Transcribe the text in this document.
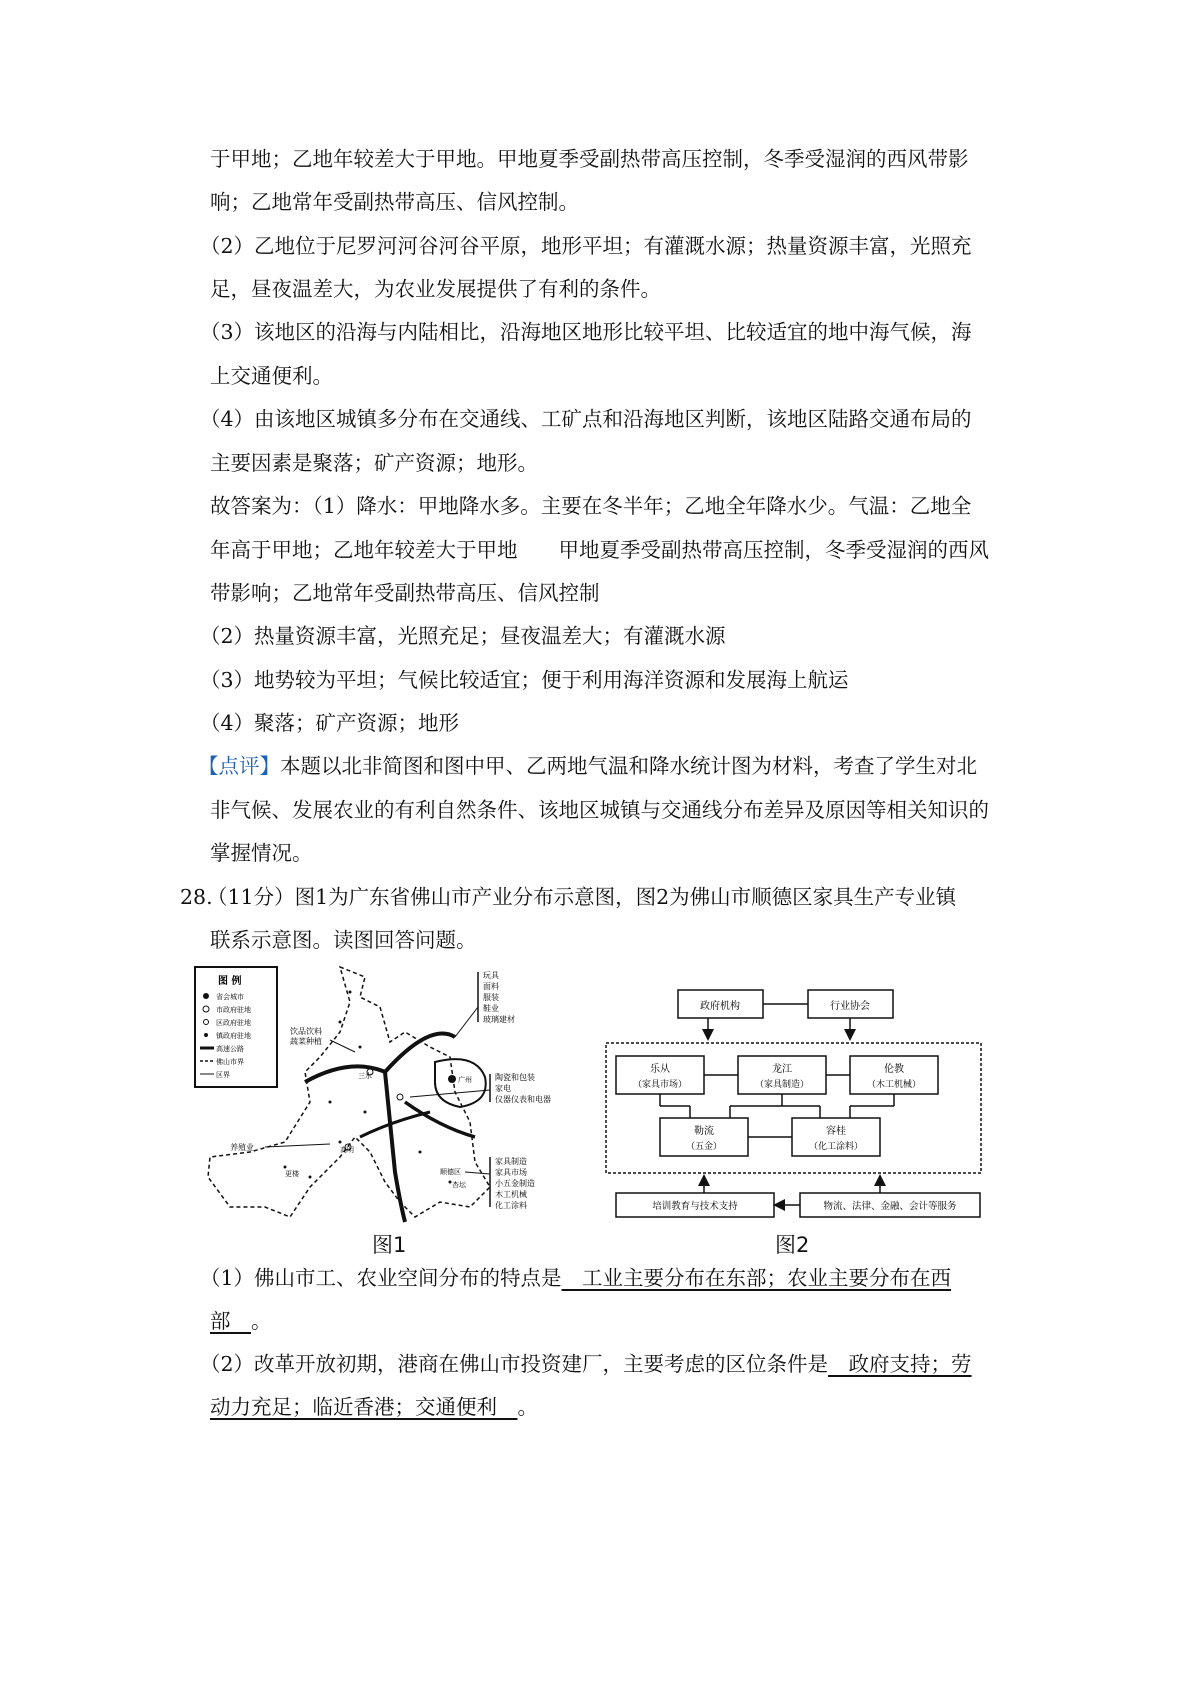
于甲地；乙地年较差大于甲地。甲地夏季受副热带高压控制，冬季受湿润的西风带影
响；乙地常年受副热带高压、信风控制。
（2）乙地位于尼罗河河谷河谷平原，地形平坦；有灌溉水源；热量资源丰富，光照充
足，昼夜温差大，为农业发展提供了有利的条件。
（3）该地区的沿海与内陆相比，沿海地区地形比较平坦、比较适宜的地中海气候，海
上交通便利。
（4）由该地区城镇多分布在交通线、工矿点和沿海地区判断，该地区陆路交通布局的
主要因素是聚落；矿产资源；地形。
故答案为：（1）降水：甲地降水多。主要在冬半年；乙地全年降水少。气温：乙地全
年高于甲地；乙地年较差大于甲地　　甲地夏季受副热带高压控制，冬季受湿润的西风
带影响；乙地常年受副热带高压、信风控制
（2）热量资源丰富，光照充足；昼夜温差大；有灌溉水源
（3）地势较为平坦；气候比较适宜；便于利用海洋资源和发展海上航运
（4）聚落；矿产资源；地形
【点评】本题以北非简图和图中甲、乙两地气温和降水统计图为材料，考查了学生对北
非气候、发展农业的有利自然条件、该地区城镇与交通线分布差异及原因等相关知识的
掌握情况。
28.
（11分）图1为广东省佛山市产业分布示意图，图2为佛山市顺德区家具生产专业镇
联系示意图。读图回答问题。
图 例
省会城市
市政府驻地
区政府驻地
镇政府驻地
高速公路
佛山市界
区界
广州
饮品饮料
蔬菜种植
三水
养殖业	高明
更楼	顺德区
杏坛
玩具
面料
服装
鞋业
玻璃建材
陶瓷和包装
家电
仪器仪表和电器
家具制造
家具市场
小五金制造
木工机械
化工涂料
图1
政府机构	行业协会
乐从
（家具市场）
龙江
（家具制造）
伦教
（木工机械）
勒流
（五金）
容桂
（化工涂料）
培训教育与技术支持	物流、法律、金融、会计等服务
图2
（1）佛山市工、农业空间分布的特点是　工业主要分布在东部；农业主要分布在西
部　。
（2）改革开放初期，港商在佛山市投资建厂，主要考虑的区位条件是　政府支持；劳
动力充足；临近香港；交通便利　。
